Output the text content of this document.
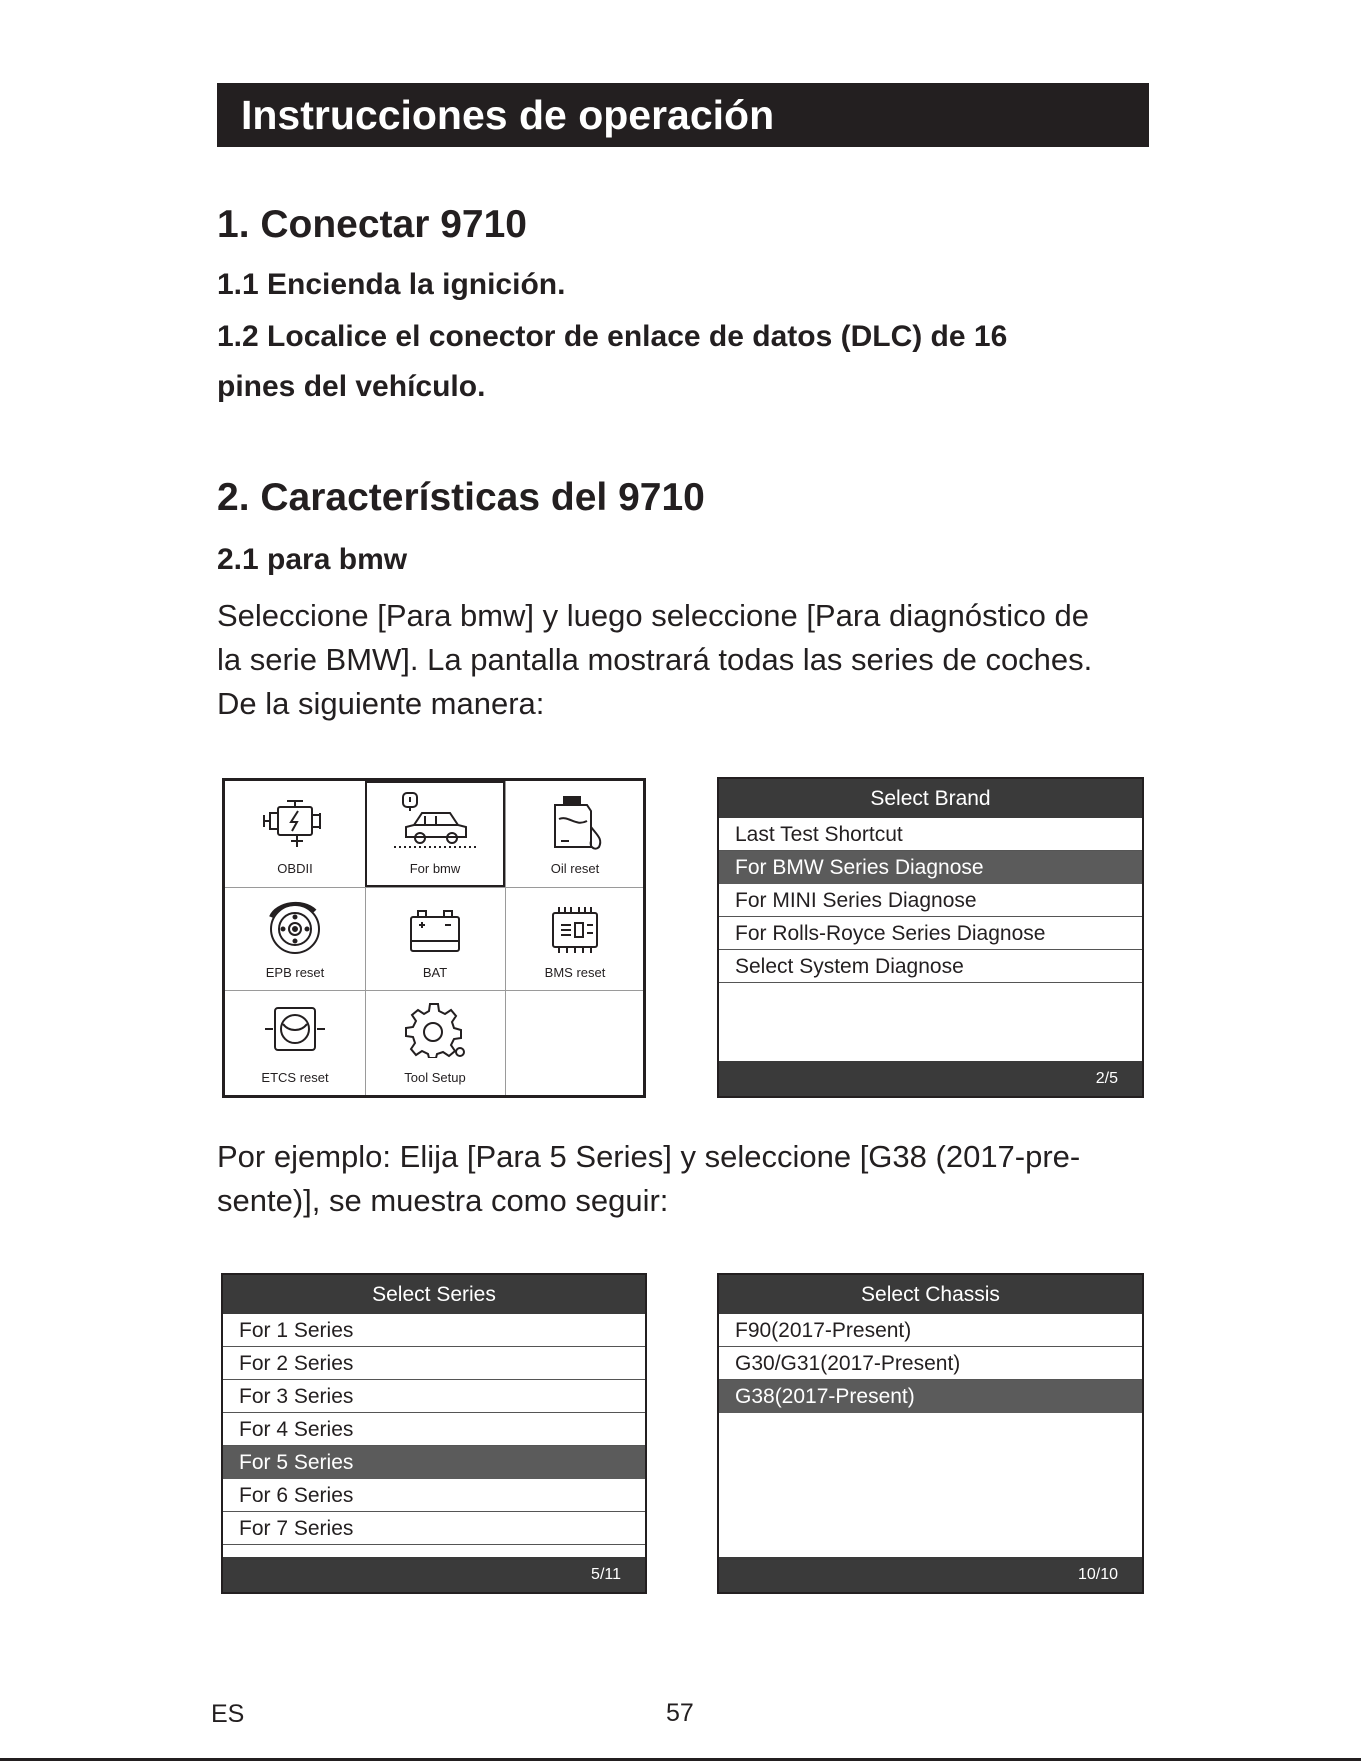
Instrucciones de operación
1. Conectar 9710
1.1 Encienda la ignición.
1.2 Localice el conector de enlace de datos (DLC) de 16
pines del vehículo.
2. Características del 9710
2.1 para bmw
Seleccione [Para bmw] y luego seleccione [Para diagnóstico de
la serie BMW]. La pantalla mostrará todas las series de coches.
De la siguiente manera:
OBDII	For bmw	Oil reset
EPB reset	BAT	BMS reset
ETCS reset	Tool Setup
Select Brand
Last Test Shortcut
For BMW Series Diagnose
For MINI Series Diagnose
For Rolls-Royce Series Diagnose
Select System Diagnose
2/5
Por ejemplo: Elija [Para 5 Series] y seleccione [G38 (2017-pre-
sente)], se muestra como seguir:
Select Series
For 1 Series
For 2 Series
For 3 Series
For 4 Series
For 5 Series
For 6 Series
For 7 Series
5/11
Select Chassis
F90(2017-Present)
G30/G31(2017-Present)
G38(2017-Present)
10/10
ES	57
